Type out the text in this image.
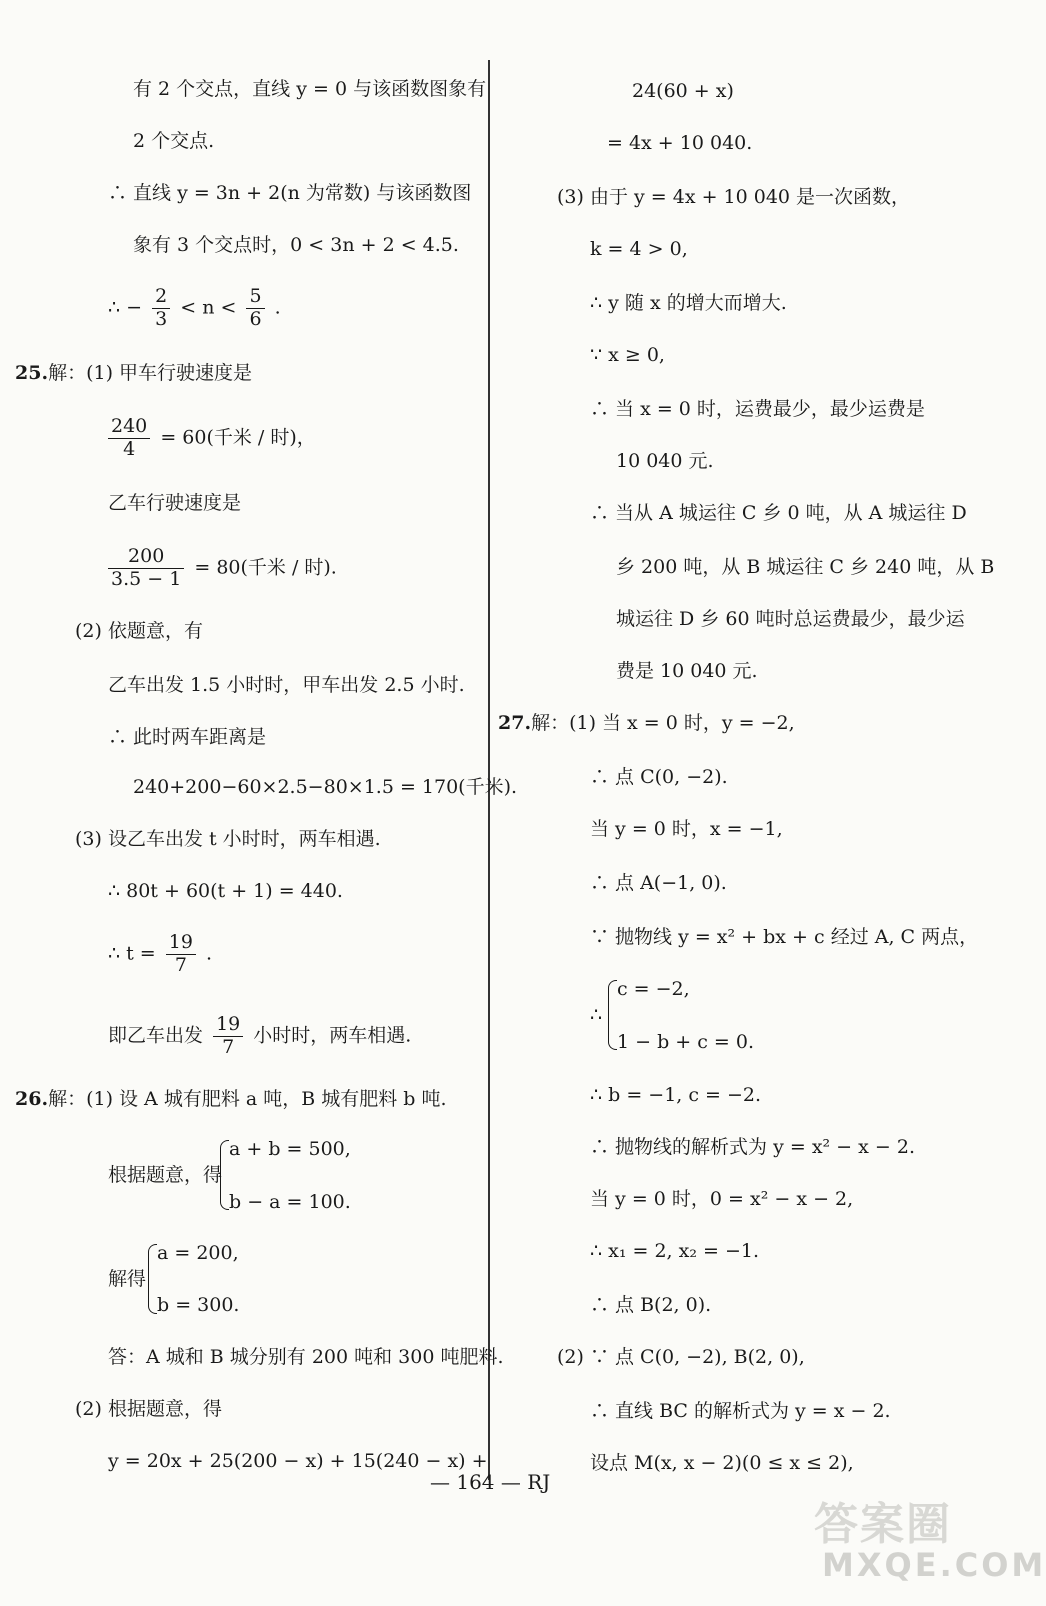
有 2 个交点，直线 y = 0 与该函数图象有
2 个交点.
∴ 直线 y = 3n + 2(n 为常数) 与该函数图
象有 3 个交点时，0 < 3n + 2 < 4.5.
∴ − $\frac{2}{3} < n < \frac{5}{6}$ .
25.解：(1) 甲车行驶速度是
$\frac{240}{4} = 60$(千米 / 时)，
乙车行驶速度是
$\frac{200}{3.5 - 1} = 80$(千米 / 时).
(2) 依题意，有
乙车出发 1.5 小时时，甲车出发 2.5 小时.
∴ 此时两车距离是
240+200−60×2.5−80×1.5 = 170(千米).
(3) 设乙车出发 t 小时时，两车相遇.
∴ 80t + 60(t + 1) = 440.
∴ $t = \frac{19}{7}$ .
即乙车出发 $\frac{19}{7}$ 小时时，两车相遇.
26.解：(1) 设 A 城有肥料 a 吨，B 城有肥料 b 吨.
根据题意，得
a + b = 500,
b − a = 100.
解得
a = 200,
b = 300.
答：A 城和 B 城分别有 200 吨和 300 吨肥料.
(2) 根据题意，得
y = 20x + 25(200 − x) + 15(240 − x) +
24(60 + x)
= 4x + 10 040.
(3) 由于 y = 4x + 10 040 是一次函数，
k = 4 > 0,
∴ y 随 x 的增大而增大.
∵ x ≥ 0,
∴ 当 x = 0 时，运费最少，最少运费是
10 040 元.
∴ 当从 A 城运往 C 乡 0 吨，从 A 城运往 D
乡 200 吨，从 B 城运往 C 乡 240 吨，从 B
城运往 D 乡 60 吨时总运费最少，最少运
费是 10 040 元.
27.解：(1) 当 x = 0 时，y = −2,
∴ 点 C(0, −2).
当 y = 0 时，x = −1,
∴ 点 A(−1, 0).
∵ 抛物线 y = x² + bx + c 经过 A, C 两点，
∴
c = −2,
1 − b + c = 0.
∴ b = −1, c = −2.
∴ 抛物线的解析式为 y = x² − x − 2.
当 y = 0 时，0 = x² − x − 2,
∴ x₁ = 2, x₂ = −1.
∴ 点 B(2, 0).
(2) ∵ 点 C(0, −2), B(2, 0),
∴ 直线 BC 的解析式为 y = x − 2.
设点 M(x, x − 2)(0 ≤ x ≤ 2),
— 164 — RJ
答案圈
MXQE.COM
